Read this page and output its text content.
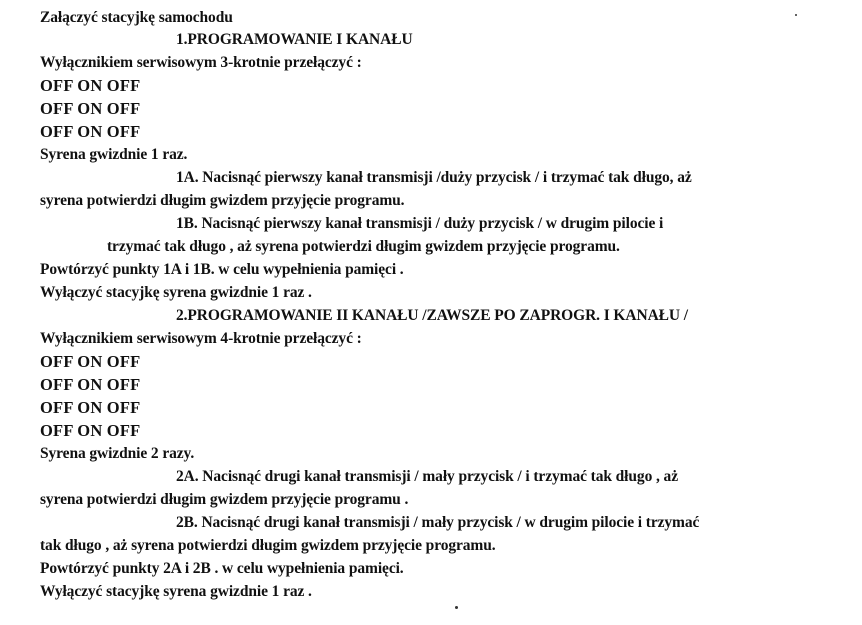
Załączyć stacyjkę samochodu
1.PROGRAMOWANIE I KANAŁU
Wyłącznikiem serwisowym 3-krotnie przełączyć :
OFF ON OFF
OFF ON OFF
OFF ON OFF
Syrena gwizdnie 1 raz.
1A. Nacisnąć pierwszy kanał transmisji /duży przycisk / i trzymać tak długo, aż
syrena potwierdzi długim gwizdem przyjęcie programu.
1B. Nacisnąć pierwszy kanał transmisji / duży przycisk / w drugim pilocie i
trzymać tak długo , aż syrena potwierdzi długim gwizdem przyjęcie programu.
Powtórzyć punkty 1A i 1B. w celu wypełnienia pamięci .
Wyłączyć stacyjkę syrena gwizdnie 1 raz .
2.PROGRAMOWANIE II KANAŁU /ZAWSZE PO ZAPROGR. I KANAŁU /
Wyłącznikiem serwisowym 4-krotnie przełączyć :
OFF ON OFF
OFF ON OFF
OFF ON OFF
OFF ON OFF
Syrena gwizdnie 2 razy.
2A. Nacisnąć drugi kanał transmisji / mały przycisk / i trzymać tak długo , aż
syrena potwierdzi długim gwizdem przyjęcie programu .
2B. Nacisnąć drugi kanał transmisji / mały przycisk / w drugim pilocie i trzymać
tak długo , aż syrena potwierdzi długim gwizdem przyjęcie programu.
Powtórzyć punkty 2A i 2B . w celu wypełnienia pamięci.
Wyłączyć stacyjkę syrena gwizdnie 1 raz .
